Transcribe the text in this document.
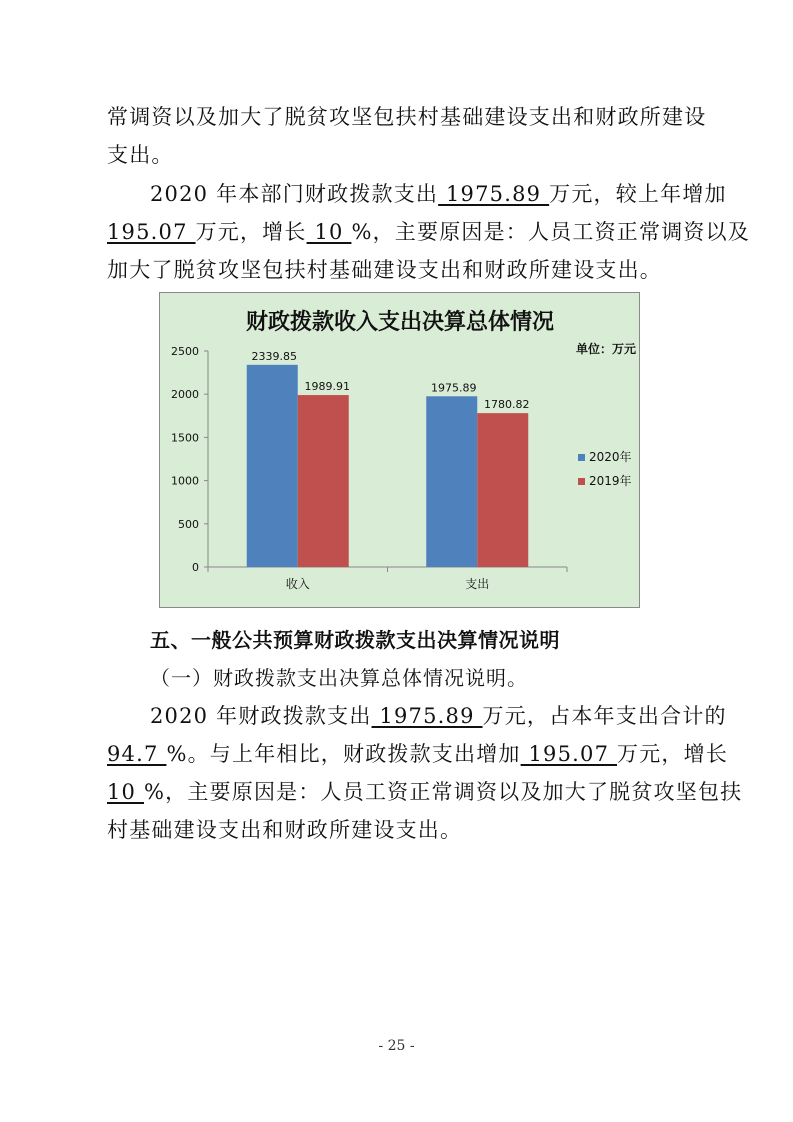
常调资以及加大了脱贫攻坚包扶村基础建设支出和财政所建设
支出。
2020 年本部门财政拨款支出 1975.89 万元，较上年增加
195.07 万元，增长 10 %，主要原因是：人员工资正常调资以及
加大了脱贫攻坚包扶村基础建设支出和财政所建设支出。
财政拨款收入支出决算总体情况
单位：万元
0
500
1000
1500
2000
2500
收入
2339.85
1989.91
支出
1975.89
1780.82
2020年
2019年
五、一般公共预算财政拨款支出决算情况说明
（一）财政拨款支出决算总体情况说明。
2020 年财政拨款支出 1975.89 万元，占本年支出合计的
94.7 %。与上年相比，财政拨款支出增加 195.07 万元，增长
10 %，主要原因是：人员工资正常调资以及加大了脱贫攻坚包扶
村基础建设支出和财政所建设支出。
- 25 -
